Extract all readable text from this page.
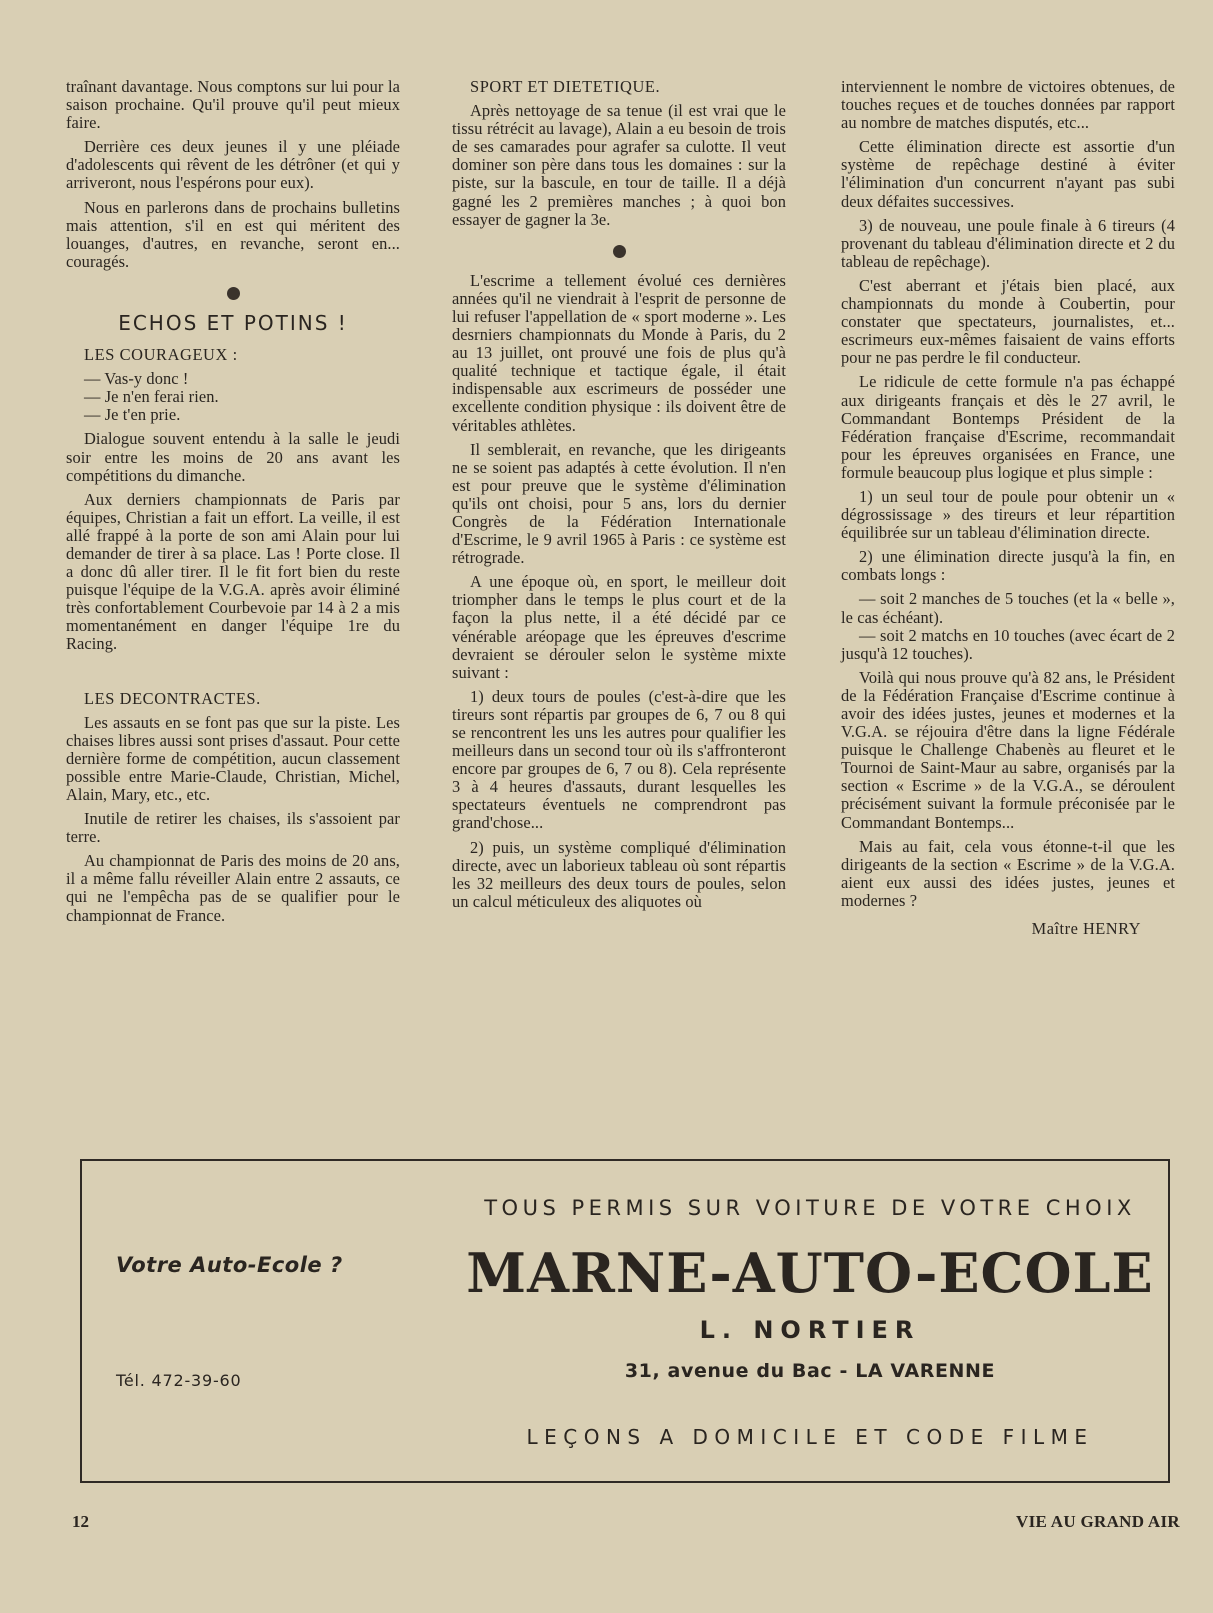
traînant davantage. Nous comptons sur lui pour la saison prochaine. Qu'il prouve qu'il peut mieux faire.

Derrière ces deux jeunes il y une pléiade d'adolescents qui rêvent de les détrôner (et qui y arriveront, nous l'espérons pour eux).

Nous en parlerons dans de prochains bulletins mais attention, s'il en est qui méritent des louanges, d'autres, en revanche, seront en... couragés.

ECHOS ET POTINS !

LES COURAGEUX :

— Vas-y donc !

— Je n'en ferai rien.

— Je t'en prie.

Dialogue souvent entendu à la salle le jeudi soir entre les moins de 20 ans avant les compétitions du dimanche.

Aux derniers championnats de Paris par équipes, Christian a fait un effort. La veille, il est allé frappé à la porte de son ami Alain pour lui demander de tirer à sa place. Las ! Porte close. Il a donc dû aller tirer. Il le fit fort bien du reste puisque l'équipe de la V.G.A. après avoir éliminé très confortablement Courbevoie par 14 à 2 a mis momentanément en danger l'équipe 1re du Racing.

LES DECONTRACTES.

Les assauts en se font pas que sur la piste. Les chaises libres aussi sont prises d'assaut. Pour cette dernière forme de compétition, aucun classement possible entre Marie-Claude, Christian, Michel, Alain, Mary, etc., etc.

Inutile de retirer les chaises, ils s'assoient par terre.

Au championnat de Paris des moins de 20 ans, il a même fallu réveiller Alain entre 2 assauts, ce qui ne l'empêcha pas de se qualifier pour le championnat de France.

SPORT ET DIETETIQUE.

Après nettoyage de sa tenue (il est vrai que le tissu rétrécit au lavage), Alain a eu besoin de trois de ses camarades pour agrafer sa culotte. Il veut dominer son père dans tous les domaines : sur la piste, sur la bascule, en tour de taille. Il a déjà gagné les 2 premières manches ; à quoi bon essayer de gagner la 3e.

L'escrime a tellement évolué ces dernières années qu'il ne viendrait à l'esprit de personne de lui refuser l'appellation de « sport moderne ». Les desrniers championnats du Monde à Paris, du 2 au 13 juillet, ont prouvé une fois de plus qu'à qualité technique et tactique égale, il était indispensable aux escrimeurs de posséder une excellente condition physique : ils doivent être de véritables athlètes.

Il semblerait, en revanche, que les dirigeants ne se soient pas adaptés à cette évolution. Il n'en est pour preuve que le système d'élimination qu'ils ont choisi, pour 5 ans, lors du dernier Congrès de la Fédération Internationale d'Escrime, le 9 avril 1965 à Paris : ce système est rétrograde.

A une époque où, en sport, le meilleur doit triompher dans le temps le plus court et de la façon la plus nette, il a été décidé par ce vénérable aréopage que les épreuves d'escrime devraient se dérouler selon le système mixte suivant :

1) deux tours de poules (c'est-à-dire que les tireurs sont répartis par groupes de 6, 7 ou 8 qui se rencontrent les uns les autres pour qualifier les meilleurs dans un second tour où ils s'affronteront encore par groupes de 6, 7 ou 8). Cela représente 3 à 4 heures d'assauts, durant lesquelles les spectateurs éventuels ne comprendront pas grand'chose...

2) puis, un système compliqué d'élimination directe, avec un laborieux tableau où sont répartis les 32 meilleurs des deux tours de poules, selon un calcul méticuleux des aliquotes où

interviennent le nombre de victoires obtenues, de touches reçues et de touches données par rapport au nombre de matches disputés, etc...

Cette élimination directe est assortie d'un système de repêchage destiné à éviter l'élimination d'un concurrent n'ayant pas subi deux défaites successives.

3) de nouveau, une poule finale à 6 tireurs (4 provenant du tableau d'élimination directe et 2 du tableau de repêchage).

C'est aberrant et j'étais bien placé, aux championnats du monde à Coubertin, pour constater que spectateurs, journalistes, et... escrimeurs eux-mêmes faisaient de vains efforts pour ne pas perdre le fil conducteur.

Le ridicule de cette formule n'a pas échappé aux dirigeants français et dès le 27 avril, le Commandant Bontemps Président de la Fédération française d'Escrime, recommandait pour les épreuves organisées en France, une formule beaucoup plus logique et plus simple :

1) un seul tour de poule pour obtenir un « dégrossissage » des tireurs et leur répartition équilibrée sur un tableau d'élimination directe.

2) une élimination directe jusqu'à la fin, en combats longs :

— soit 2 manches de 5 touches (et la « belle », le cas échéant).

— soit 2 matchs en 10 touches (avec écart de 2 jusqu'à 12 touches).

Voilà qui nous prouve qu'à 82 ans, le Président de la Fédération Française d'Escrime continue à avoir des idées justes, jeunes et modernes et la V.G.A. se réjouira d'être dans la ligne Fédérale puisque le Challenge Chabenès au fleuret et le Tournoi de Saint-Maur au sabre, organisés par la section « Escrime » de la V.G.A., se déroulent précisément suivant la formule préconisée par le Commandant Bontemps...

Mais au fait, cela vous étonne-t-il que les dirigeants de la section « Escrime » de la V.G.A. aient eux aussi des idées justes, jeunes et modernes ?

Maître HENRY
Votre Auto-Ecole ?
Tél. 472-39-60
TOUS PERMIS SUR VOITURE DE VOTRE CHOIX
MARNE-AUTO-ECOLE
L. NORTIER
31, avenue du Bac - LA VARENNE
LEÇONS A DOMICILE ET CODE FILME
12	VIE AU GRAND AIR
